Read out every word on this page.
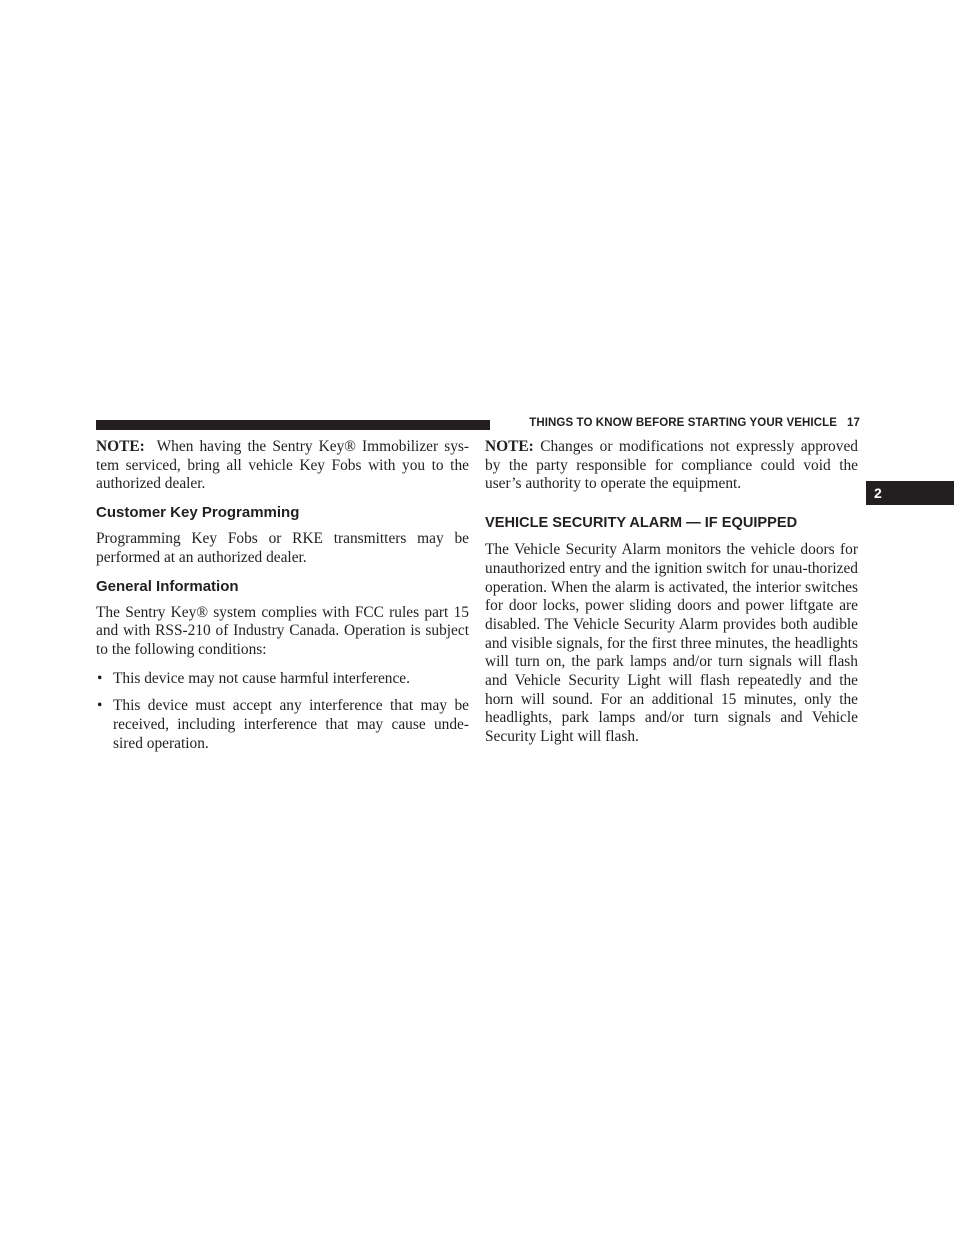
THINGS TO KNOW BEFORE STARTING YOUR VEHICLE 17
2

NOTE: When having the Sentry Key® Immobilizer sys-tem serviced, bring all vehicle Key Fobs with you to the authorized dealer.

Customer Key Programming

Programming Key Fobs or RKE transmitters may be performed at an authorized dealer.

General Information

The Sentry Key® system complies with FCC rules part 15 and with RSS-210 of Industry Canada. Operation is subject to the following conditions:

• This device may not cause harmful interference.
• This device must accept any interference that may be received, including interference that may cause unde-sired operation.

NOTE: Changes or modifications not expressly approved by the party responsible for compliance could void the user’s authority to operate the equipment.

VEHICLE SECURITY ALARM — IF EQUIPPED

The Vehicle Security Alarm monitors the vehicle doors for unauthorized entry and the ignition switch for unau-thorized operation. When the alarm is activated, the interior switches for door locks, power sliding doors and power liftgate are disabled. The Vehicle Security Alarm provides both audible and visible signals, for the first three minutes, the headlights will turn on, the park lamps and/or turn signals will flash and Vehicle Security Light will flash repeatedly and the horn will sound. For an additional 15 minutes, only the headlights, park lamps and/or turn signals and Vehicle Security Light will flash.
